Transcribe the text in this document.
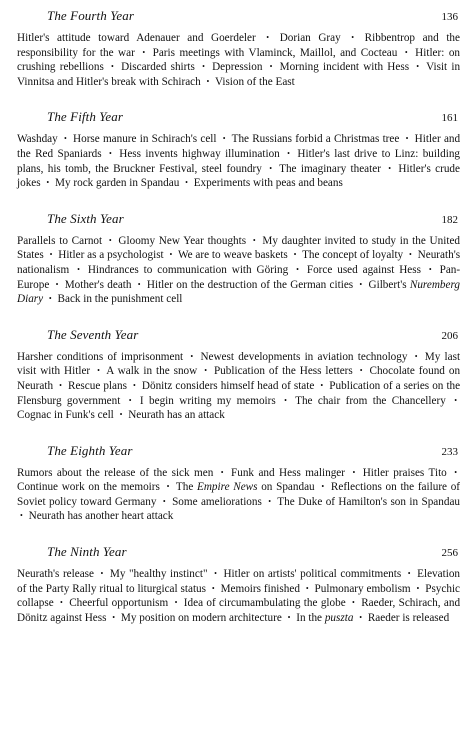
The Fourth Year	136

Hitler's attitude toward Adenauer and Goerdeler • Dorian Gray • Ribbentrop and the responsibility for the war • Paris meetings with Vlaminck, Maillol, and Cocteau • Hitler: on crushing rebellions • Discarded shirts • Depression • Morning incident with Hess • Visit in Vinnitsa and Hitler's break with Schirach • Vision of the East

The Fifth Year	161

Washday • Horse manure in Schirach's cell • The Russians forbid a Christmas tree • Hitler and the Red Spaniards • Hess invents highway illumination • Hitler's last drive to Linz: building plans, his tomb, the Bruckner Festival, steel foundry • The imaginary theater • Hitler's crude jokes • My rock garden in Spandau • Experiments with peas and beans

The Sixth Year	182

Parallels to Carnot • Gloomy New Year thoughts • My daughter invited to study in the United States • Hitler as a psychologist • We are to weave baskets • The concept of loyalty • Neurath's nationalism • Hindrances to communication with Göring • Force used against Hess • Pan-Europe • Mother's death • Hitler on the destruction of the German cities • Gilbert's Nuremberg Diary • Back in the punishment cell

The Seventh Year	206

Harsher conditions of imprisonment • Newest developments in aviation technology • My last visit with Hitler • A walk in the snow • Publication of the Hess letters • Chocolate found on Neurath • Rescue plans • Dönitz considers himself head of state • Publication of a series on the Flensburg government • I begin writing my memoirs • The chair from the Chancellery • Cognac in Funk's cell • Neurath has an attack

The Eighth Year	233

Rumors about the release of the sick men • Funk and Hess malinger • Hitler praises Tito • Continue work on the memoirs • The Empire News on Spandau • Reflections on the failure of Soviet policy toward Germany • Some ameliorations • The Duke of Hamilton's son in Spandau • Neurath has another heart attack

The Ninth Year	256

Neurath's release • My "healthy instinct" • Hitler on artists' political commitments • Elevation of the Party Rally ritual to liturgical status • Memoirs finished • Pulmonary embolism • Psychic collapse • Cheerful opportunism • Idea of circumambulating the globe • Raeder, Schirach, and Dönitz against Hess • My position on modern architecture • In the puszta • Raeder is released
